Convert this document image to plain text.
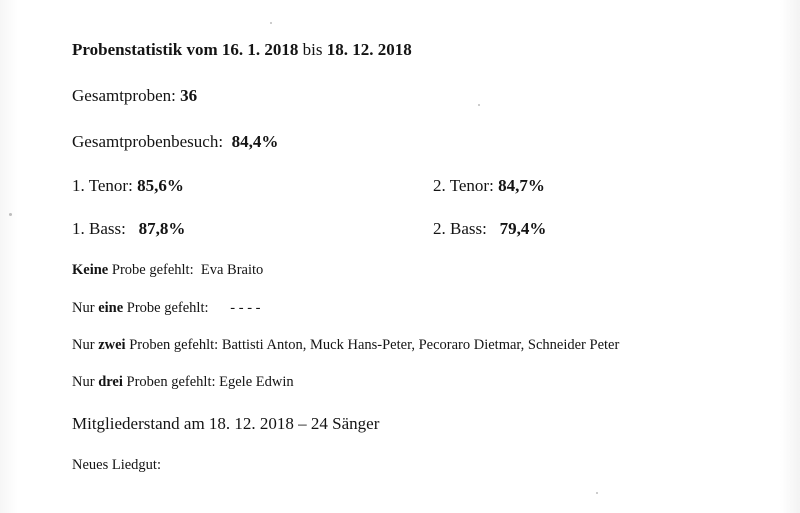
Probenstatistik vom 16. 1. 2018 bis 18. 12. 2018
Gesamtproben: 36
Gesamtprobenbesuch: 84,4%
1. Tenor: 85,6%	2. Tenor: 84,7%
1. Bass: 87,8%	2. Bass: 79,4%
Keine Probe gefehlt: Eva Braito
Nur eine Probe gefehlt: - - - -
Nur zwei Proben gefehlt: Battisti Anton, Muck Hans-Peter, Pecoraro Dietmar, Schneider Peter
Nur drei Proben gefehlt: Egele Edwin
Mitgliederstand am 18. 12. 2018 – 24 Sänger
Neues Liedgut:
